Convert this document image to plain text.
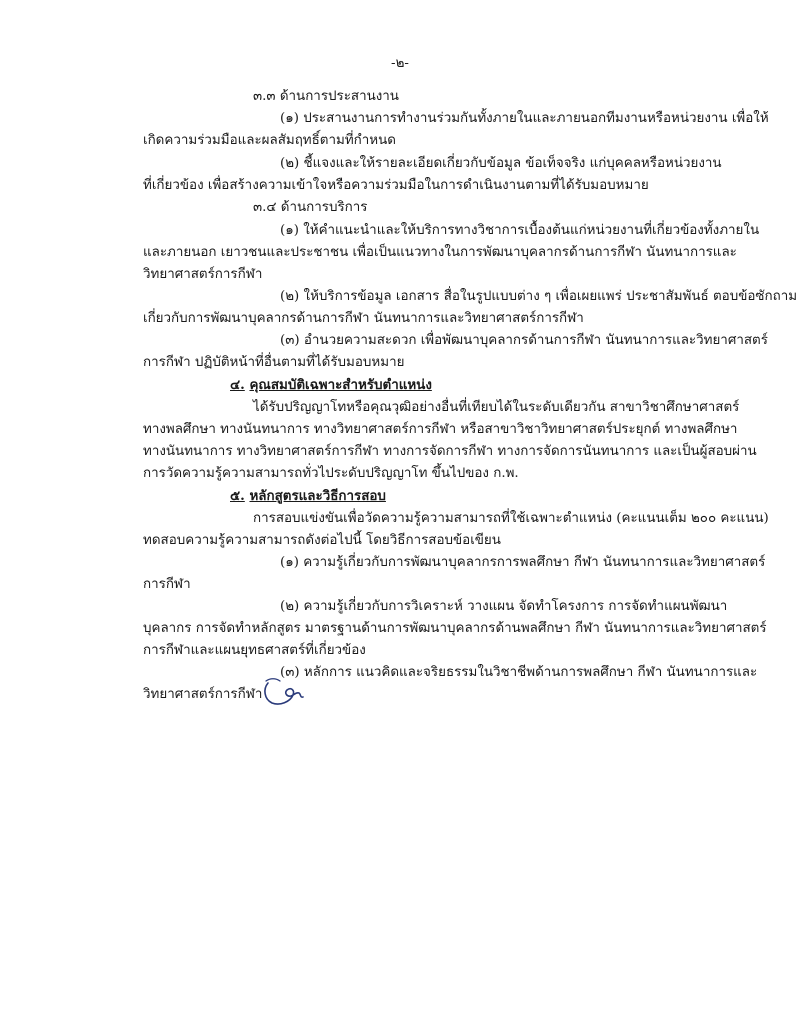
-๒-
๓.๓ ด้านการประสานงาน
(๑) ประสานงานการทำงานร่วมกันทั้งภายในและภายนอกทีมงานหรือหน่วยงาน เพื่อให้
เกิดความร่วมมือและผลสัมฤทธิ์ตามที่กำหนด
(๒) ชี้แจงและให้รายละเอียดเกี่ยวกับข้อมูล ข้อเท็จจริง แก่บุคคลหรือหน่วยงาน
ที่เกี่ยวข้อง เพื่อสร้างความเข้าใจหรือความร่วมมือในการดำเนินงานตามที่ได้รับมอบหมาย
๓.๔ ด้านการบริการ
(๑) ให้คำแนะนำและให้บริการทางวิชาการเบื้องต้นแก่หน่วยงานที่เกี่ยวข้องทั้งภายใน
และภายนอก เยาวชนและประชาชน เพื่อเป็นแนวทางในการพัฒนาบุคลากรด้านการกีฬา นันทนาการและ
วิทยาศาสตร์การกีฬา
(๒) ให้บริการข้อมูล เอกสาร สื่อในรูปแบบต่าง ๆ เพื่อเผยแพร่ ประชาสัมพันธ์ ตอบข้อซักถาม
เกี่ยวกับการพัฒนาบุคลากรด้านการกีฬา นันทนาการและวิทยาศาสตร์การกีฬา
(๓) อำนวยความสะดวก เพื่อพัฒนาบุคลากรด้านการกีฬา นันทนาการและวิทยาศาสตร์
การกีฬา ปฏิบัติหน้าที่อื่นตามที่ได้รับมอบหมาย
๔. คุณสมบัติเฉพาะสำหรับตำแหน่ง
ได้รับปริญญาโทหรือคุณวุฒิอย่างอื่นที่เทียบได้ในระดับเดียวกัน สาขาวิชาศึกษาศาสตร์
ทางพลศึกษา ทางนันทนาการ ทางวิทยาศาสตร์การกีฬา หรือสาขาวิชาวิทยาศาสตร์ประยุกต์ ทางพลศึกษา
ทางนันทนาการ ทางวิทยาศาสตร์การกีฬา ทางการจัดการกีฬา ทางการจัดการนันทนาการ และเป็นผู้สอบผ่าน
การวัดความรู้ความสามารถทั่วไประดับปริญญาโท ขึ้นไปของ ก.พ.
๕. หลักสูตรและวิธีการสอบ
การสอบแข่งขันเพื่อวัดความรู้ความสามารถที่ใช้เฉพาะตำแหน่ง (คะแนนเต็ม ๒๐๐ คะแนน)
ทดสอบความรู้ความสามารถดังต่อไปนี้ โดยวิธีการสอบข้อเขียน
(๑) ความรู้เกี่ยวกับการพัฒนาบุคลากรการพลศึกษา กีฬา นันทนาการและวิทยาศาสตร์
การกีฬา
(๒) ความรู้เกี่ยวกับการวิเคราะห์ วางแผน จัดทำโครงการ การจัดทำแผนพัฒนา
บุคลากร การจัดทำหลักสูตร มาตรฐานด้านการพัฒนาบุคลากรด้านพลศึกษา กีฬา นันทนาการและวิทยาศาสตร์
การกีฬาและแผนยุทธศาสตร์ที่เกี่ยวข้อง
(๓) หลักการ แนวคิดและจริยธรรมในวิชาชีพด้านการพลศึกษา กีฬา นันทนาการและ
วิทยาศาสตร์การกีฬา
